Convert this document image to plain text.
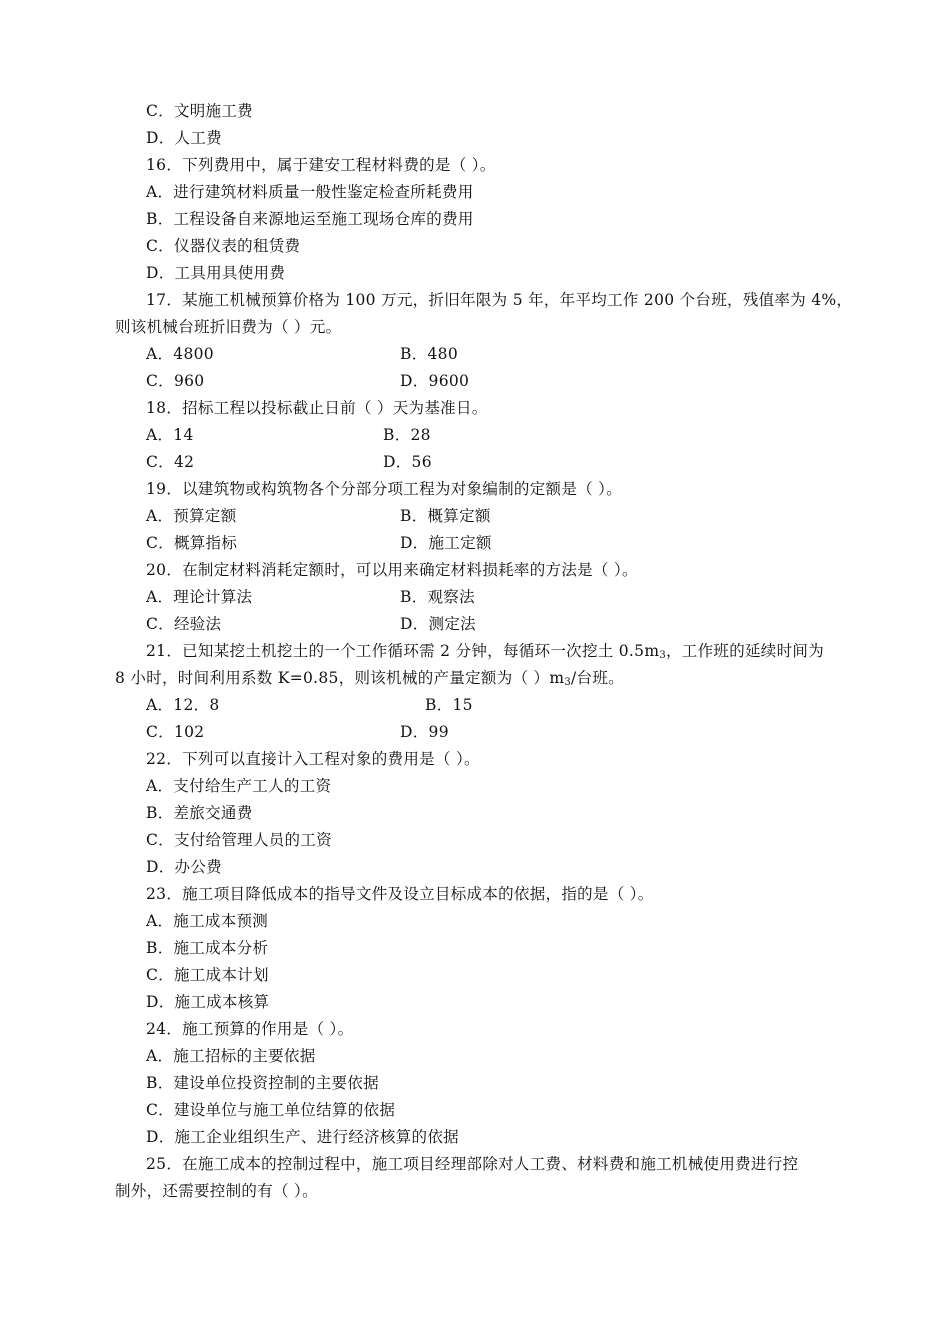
C．文明施工费
D．人工费
16．下列费用中，属于建安工程材料费的是（ ）。
A．进行建筑材料质量一般性鉴定检查所耗费用
B．工程设备自来源地运至施工现场仓库的费用
C．仪器仪表的租赁费
D．工具用具使用费
17．某施工机械预算价格为 100 万元，折旧年限为 5 年，年平均工作 200 个台班，残值率为 4%，
则该机械台班折旧费为（ ）元。
A．4800	B．480
C．960	D．9600
18．招标工程以投标截止日前（ ）天为基准日。
A．14	B．28
C．42	D．56
19．以建筑物或构筑物各个分部分项工程为对象编制的定额是（ ）。
A．预算定额	B．概算定额
C．概算指标	D．施工定额
20．在制定材料消耗定额时，可以用来确定材料损耗率的方法是（ ）。
A．理论计算法	B．观察法
C．经验法	D．测定法
21．已知某挖土机挖土的一个工作循环需 2 分钟，每循环一次挖土 $0.5m_3$，工作班的延续时间为
8 小时，时间利用系数 K=0.85，则该机械的产量定额为（ ）$m_3/$台班。
A．12．8	B．15
C．102	D．99
22．下列可以直接计入工程对象的费用是（ ）。
A．支付给生产工人的工资
B．差旅交通费
C．支付给管理人员的工资
D．办公费
23．施工项目降低成本的指导文件及设立目标成本的依据，指的是（ ）。
A．施工成本预测
B．施工成本分析
C．施工成本计划
D．施工成本核算
24．施工预算的作用是（ ）。
A．施工招标的主要依据
B．建设单位投资控制的主要依据
C．建设单位与施工单位结算的依据
D．施工企业组织生产、进行经济核算的依据
25．在施工成本的控制过程中，施工项目经理部除对人工费、材料费和施工机械使用费进行控
制外，还需要控制的有（ ）。
